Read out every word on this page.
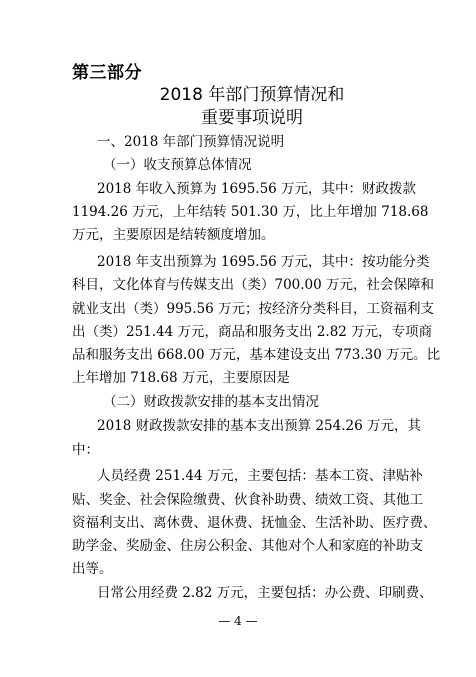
第三部分
2018 年部门预算情况和
重要事项说明
一、2018 年部门预算情况说明
（一）收支预算总体情况
2018 年收入预算为 1695.56 万元，其中：财政拨款
1194.26 万元，上年结转 501.30 万，比上年增加 718.68
万元，主要原因是结转额度增加。
2018 年支出预算为 1695.56 万元，其中：按功能分类
科目，文化体育与传媒支出（类）700.00 万元，社会保障和
就业支出（类）995.56 万元；按经济分类科目，工资福利支
出（类）251.44 万元，商品和服务支出 2.82 万元，专项商
品和服务支出 668.00 万元，基本建设支出 773.30 万元。比
上年增加 718.68 万元，主要原因是
（二）财政拨款安排的基本支出情况
2018 财政拨款安排的基本支出预算 254.26 万元，其
中：
人员经费 251.44 万元，主要包括：基本工资、津贴补
贴、奖金、社会保险缴费、伙食补助费、绩效工资、其他工
资福利支出、离休费、退休费、抚恤金、生活补助、医疗费、
助学金、奖励金、住房公积金、其他对个人和家庭的补助支
出等。
日常公用经费 2.82 万元，主要包括：办公费、印刷费、
— 4 —
